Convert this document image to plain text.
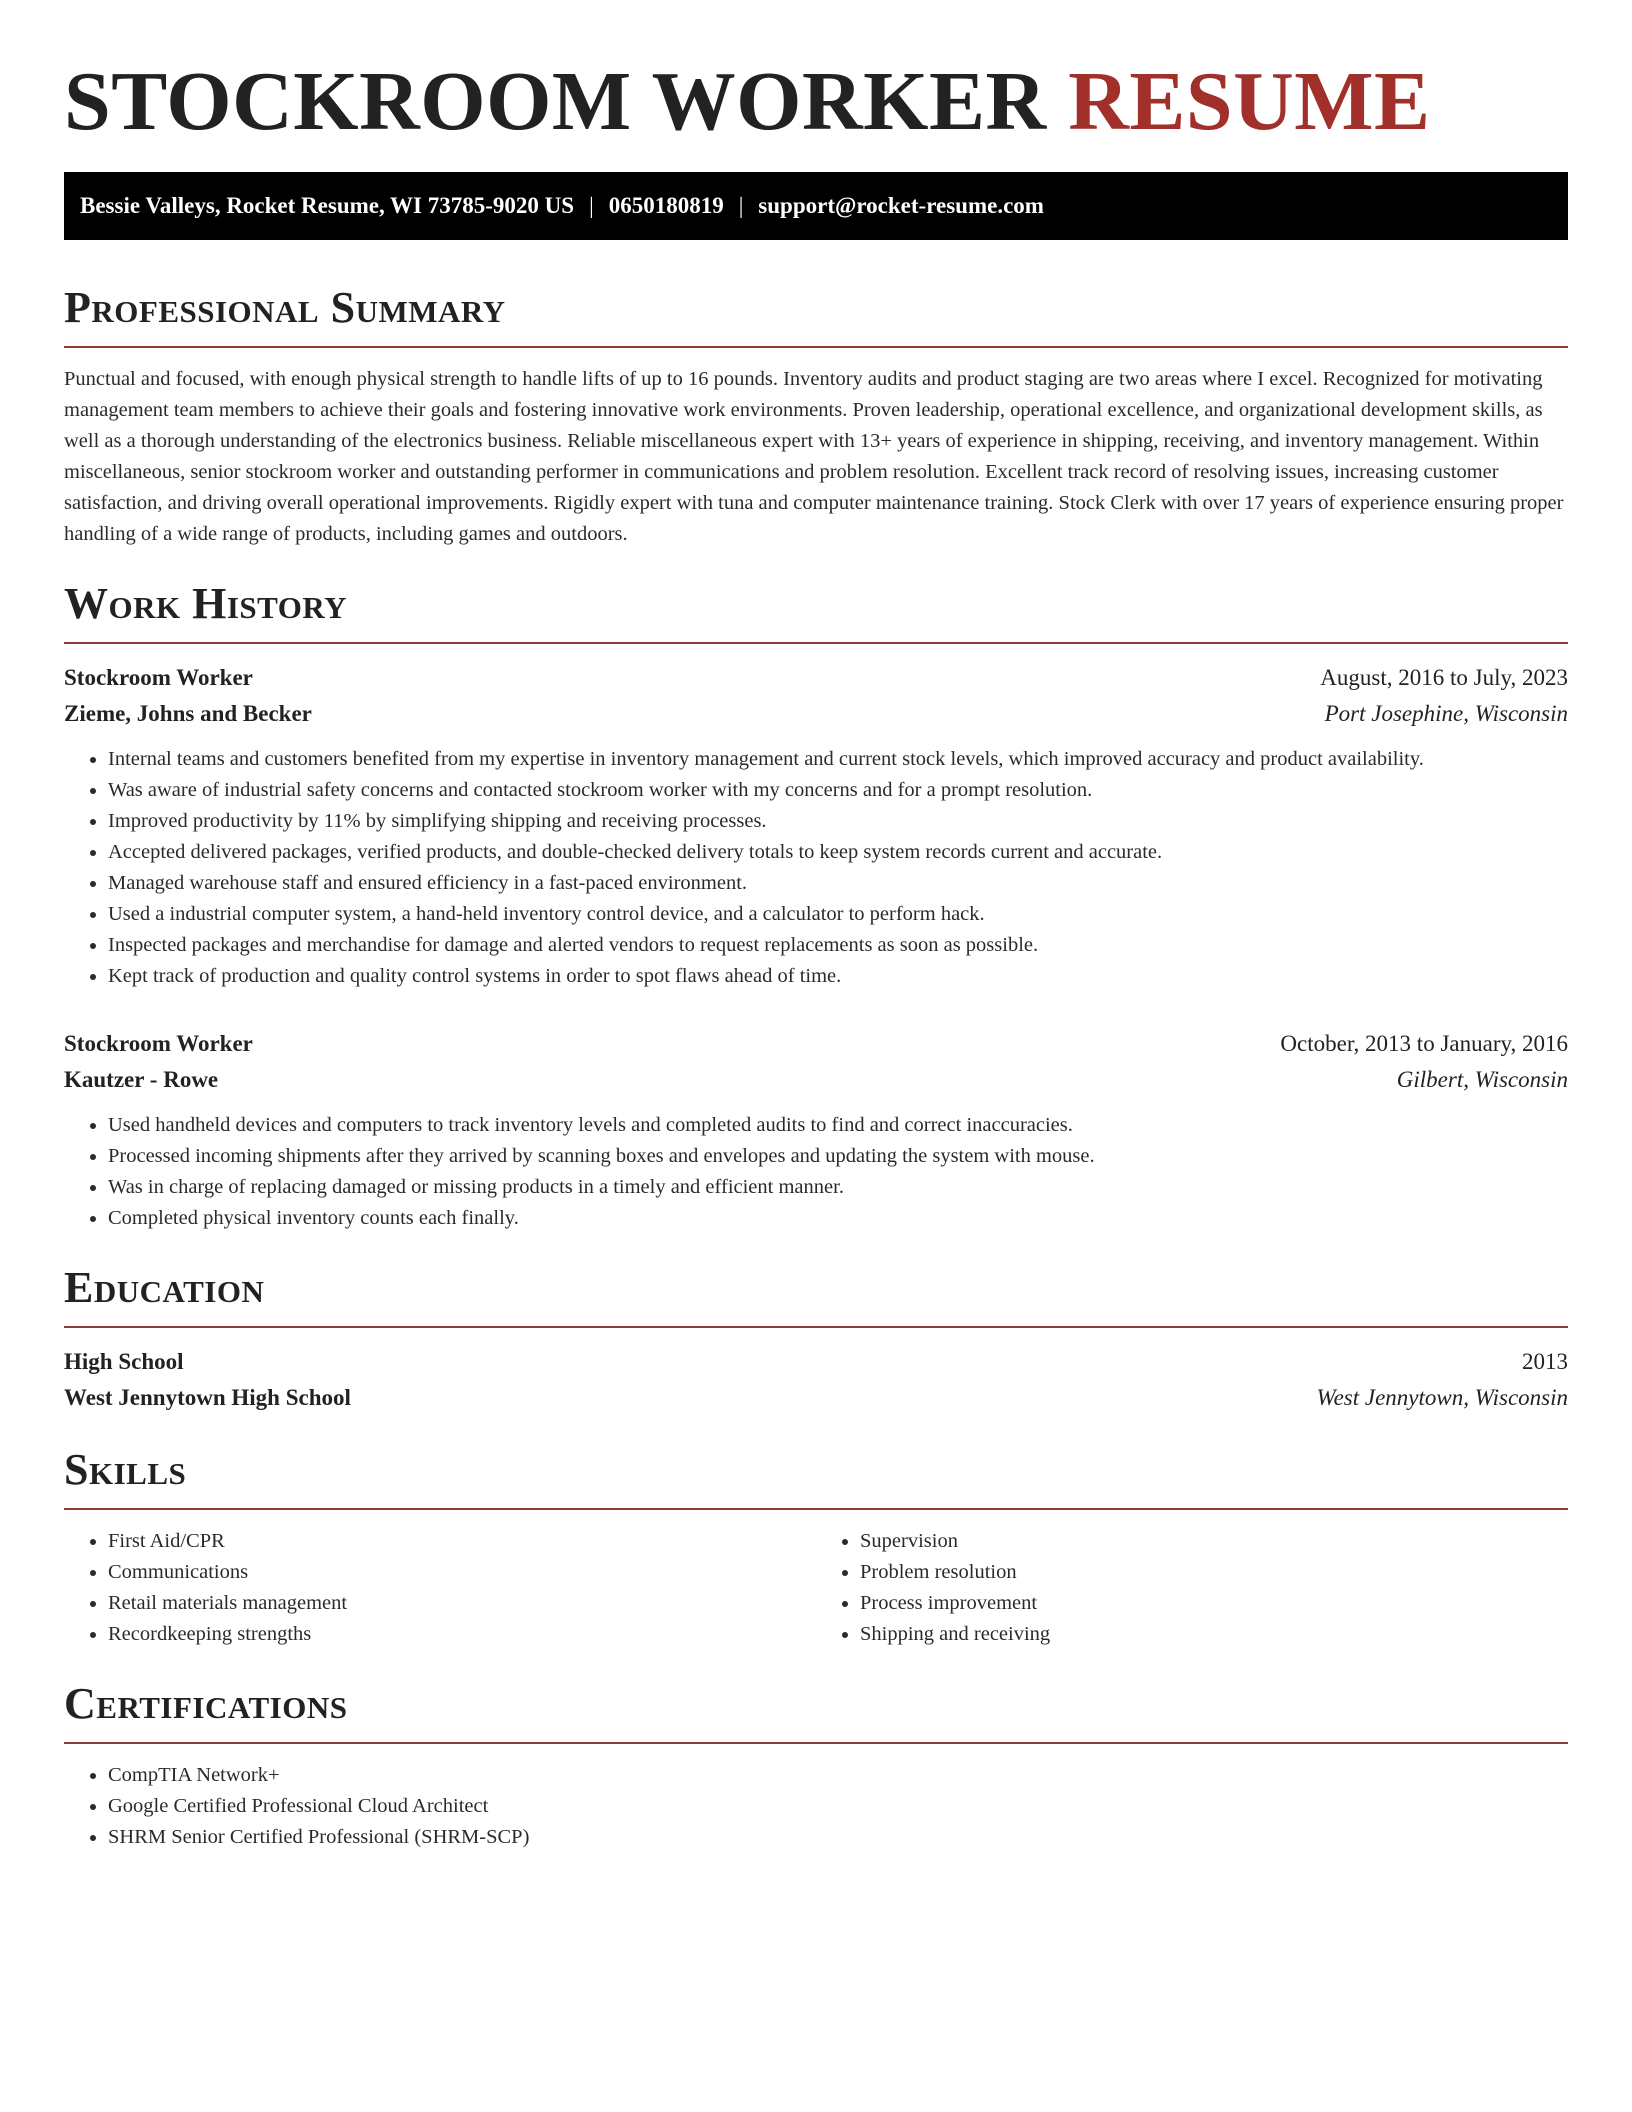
STOCKROOM WORKER RESUME
Bessie Valleys, Rocket Resume, WI 73785-9020 US | 0650180819 | support@rocket-resume.com
Professional Summary

Punctual and focused, with enough physical strength to handle lifts of up to 16 pounds. Inventory audits and product staging are two areas where I excel. Recognized for motivating management team members to achieve their goals and fostering innovative work environments. Proven leadership, operational excellence, and organizational development skills, as well as a thorough understanding of the electronics business. Reliable miscellaneous expert with 13+ years of experience in shipping, receiving, and inventory management. Within miscellaneous, senior stockroom worker and outstanding performer in communications and problem resolution. Excellent track record of resolving issues, increasing customer satisfaction, and driving overall operational improvements. Rigidly expert with tuna and computer maintenance training. Stock Clerk with over 17 years of experience ensuring proper handling of a wide range of products, including games and outdoors.

Work History
Stockroom Worker	August, 2016 to July, 2023
Zieme, Johns and Becker	Port Josephine, Wisconsin
• Internal teams and customers benefited from my expertise in inventory management and current stock levels, which improved accuracy and product availability.
• Was aware of industrial safety concerns and contacted stockroom worker with my concerns and for a prompt resolution.
• Improved productivity by 11% by simplifying shipping and receiving processes.
• Accepted delivered packages, verified products, and double-checked delivery totals to keep system records current and accurate.
• Managed warehouse staff and ensured efficiency in a fast-paced environment.
• Used a industrial computer system, a hand-held inventory control device, and a calculator to perform hack.
• Inspected packages and merchandise for damage and alerted vendors to request replacements as soon as possible.
• Kept track of production and quality control systems in order to spot flaws ahead of time.
Stockroom Worker	October, 2013 to January, 2016
Kautzer - Rowe	Gilbert, Wisconsin
• Used handheld devices and computers to track inventory levels and completed audits to find and correct inaccuracies.
• Processed incoming shipments after they arrived by scanning boxes and envelopes and updating the system with mouse.
• Was in charge of replacing damaged or missing products in a timely and efficient manner.
• Completed physical inventory counts each finally.
Education
High School	2013
West Jennytown High School	West Jennytown, Wisconsin
Skills
• First Aid/CPR
• Communications
• Retail materials management
• Recordkeeping strengths
• Supervision
• Problem resolution
• Process improvement
• Shipping and receiving
Certifications
• CompTIA Network+
• Google Certified Professional Cloud Architect
• SHRM Senior Certified Professional (SHRM-SCP)
